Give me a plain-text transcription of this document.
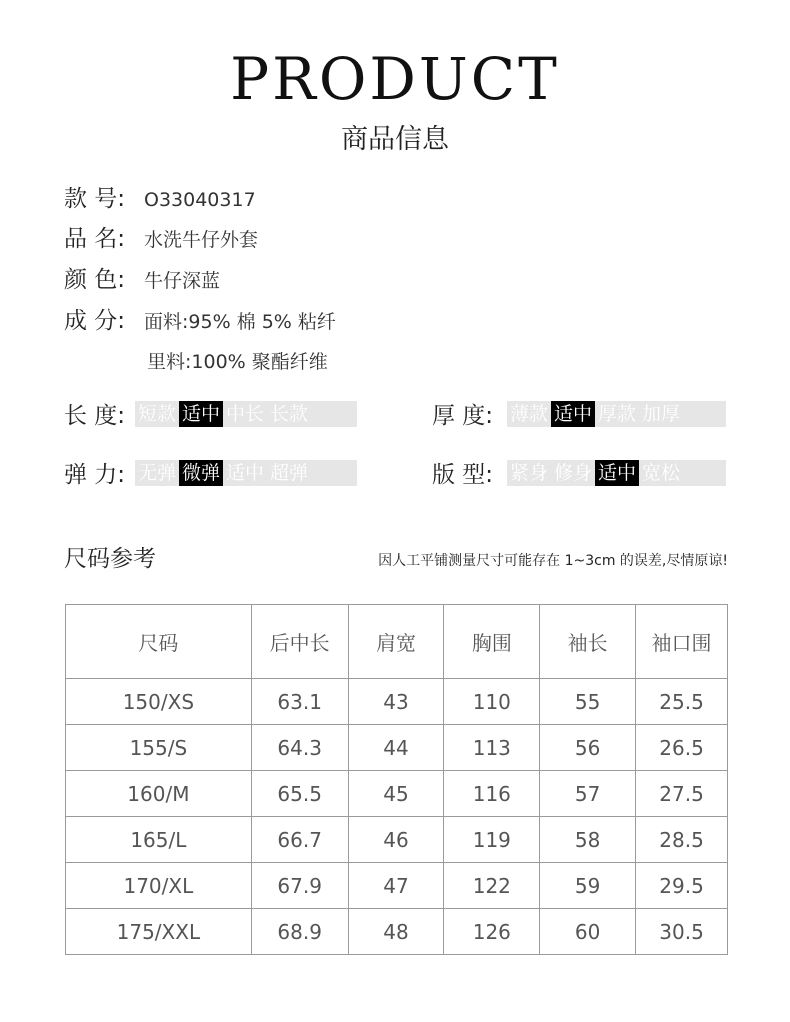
PRODUCT
商品信息
款 号: O33040317
品 名: 水洗牛仔外套
颜 色: 牛仔深蓝
成 分: 面料:95% 棉 5% 粘纤
里料:100% 聚酯纤维
长 度: 短款 适中 中长 长款	厚 度: 薄款 适中 厚款 加厚
弹 力: 无弹 微弹 适中 超弹	版 型: 紧身 修身 适中 宽松
尺码参考	因人工平铺测量尺寸可能存在 1~3cm 的误差,尽情原谅!
尺码	后中长	肩宽	胸围	袖长	袖口围
150/XS	63.1	43	110	55	25.5
155/S	64.3	44	113	56	26.5
160/M	65.5	45	116	57	27.5
165/L	66.7	46	119	58	28.5
170/XL	67.9	47	122	59	29.5
175/XXL	68.9	48	126	60	30.5
